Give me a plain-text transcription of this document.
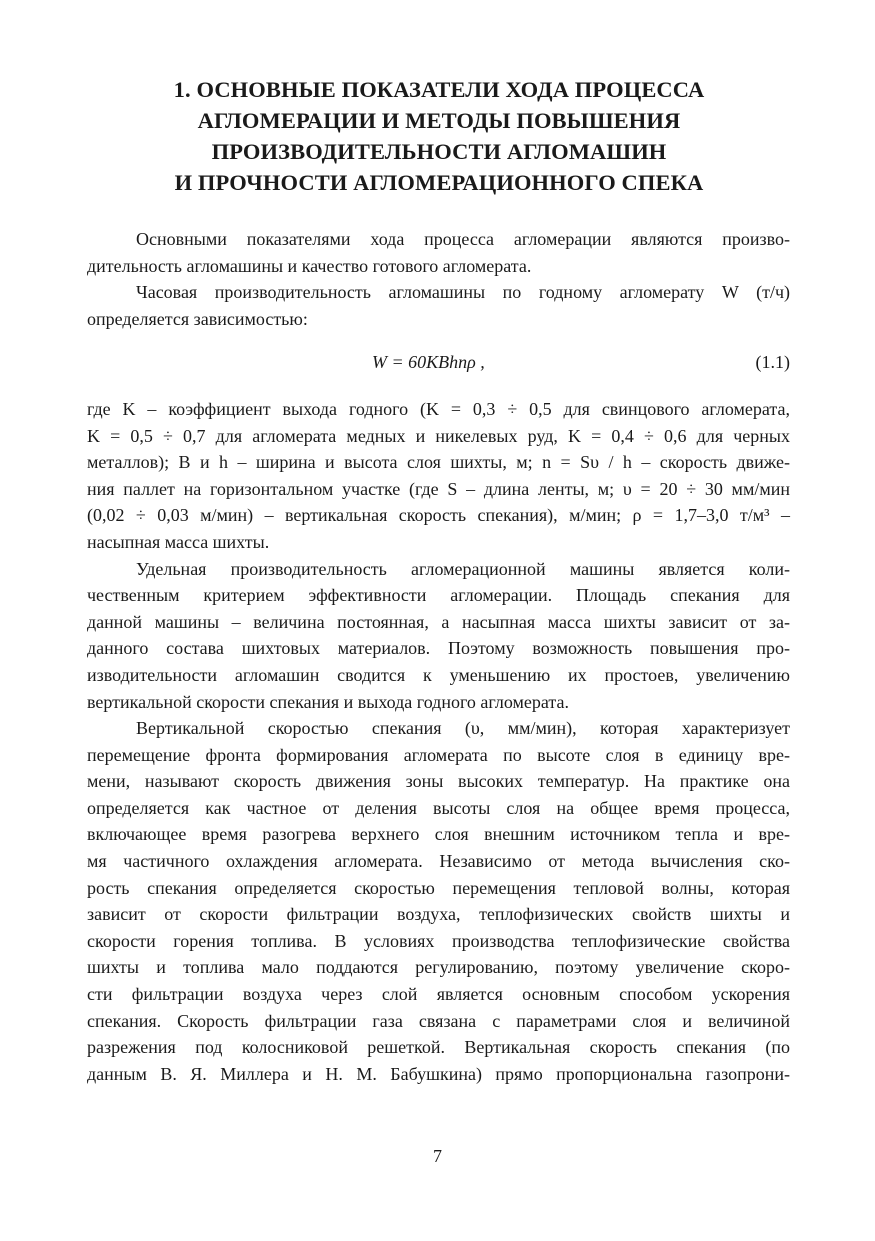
1. ОСНОВНЫЕ ПОКАЗАТЕЛИ ХОДА ПРОЦЕССА
АГЛОМЕРАЦИИ И МЕТОДЫ ПОВЫШЕНИЯ
ПРОИЗВОДИТЕЛЬНОСТИ АГЛОМАШИН
И ПРОЧНОСТИ АГЛОМЕРАЦИОННОГО СПЕКА
Основными показателями хода процесса агломерации являются произво-
дительность агломашины и качество готового агломерата.
Часовая производительность агломашины по годному агломерату W (т/ч)
определяется зависимостью:
W = 60KBhnρ ,	(1.1)
где K – коэффициент выхода годного (K = 0,3 ÷ 0,5 для свинцового агломерата,
K = 0,5 ÷ 0,7 для агломерата медных и никелевых руд, K = 0,4 ÷ 0,6 для черных
металлов); B и h – ширина и высота слоя шихты, м; n = Sυ / h – скорость движе-
ния паллет на горизонтальном участке (где S – длина ленты, м; υ = 20 ÷ 30 мм/мин
(0,02 ÷ 0,03 м/мин) – вертикальная скорость спекания), м/мин; ρ = 1,7–3,0 т/м³ –
насыпная масса шихты.
Удельная производительность агломерационной машины является коли-
чественным критерием эффективности агломерации. Площадь спекания для
данной машины – величина постоянная, а насыпная масса шихты зависит от за-
данного состава шихтовых материалов. Поэтому возможность повышения про-
изводительности агломашин сводится к уменьшению их простоев, увеличению
вертикальной скорости спекания и выхода годного агломерата.
Вертикальной скоростью спекания (υ, мм/мин), которая характеризует
перемещение фронта формирования агломерата по высоте слоя в единицу вре-
мени, называют скорость движения зоны высоких температур. На практике она
определяется как частное от деления высоты слоя на общее время процесса,
включающее время разогрева верхнего слоя внешним источником тепла и вре-
мя частичного охлаждения агломерата. Независимо от метода вычисления ско-
рость спекания определяется скоростью перемещения тепловой волны, которая
зависит от скорости фильтрации воздуха, теплофизических свойств шихты и
скорости горения топлива. В условиях производства теплофизические свойства
шихты и топлива мало поддаются регулированию, поэтому увеличение скоро-
сти фильтрации воздуха через слой является основным способом ускорения
спекания. Скорость фильтрации газа связана с параметрами слоя и величиной
разрежения под колосниковой решеткой. Вертикальная скорость спекания (по
данным В. Я. Миллера и Н. М. Бабушкина) прямо пропорциональна газопрони-
7
